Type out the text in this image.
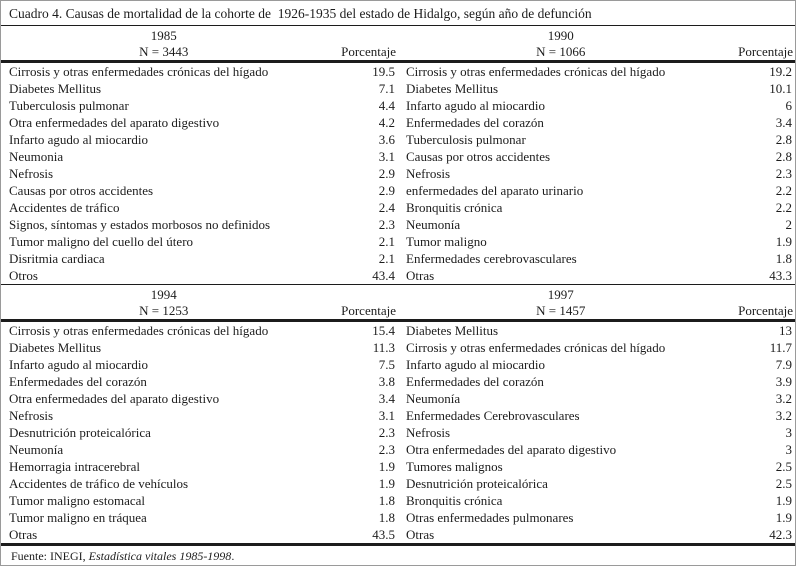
Cuadro 4. Causas de mortalidad de la cohorte de  1926-1935 del estado de Hidalgo, según año de defunción
1985	
N = 3443	Porcentaje
Cirrosis y otras enfermedades crónicas del hígado	19.5
Diabetes Mellitus	7.1
Tuberculosis pulmonar	4.4
Otra enfermedades del aparato digestivo	4.2
Infarto agudo al miocardio	3.6
Neumonia	3.1
Nefrosis	2.9
Causas por otros accidentes	2.9
Accidentes de tráfico	2.4
Signos, síntomas y estados morbosos no definidos	2.3
Tumor maligno del cuello del útero	2.1
Disritmia cardiaca	2.1
Otros	43.4
1990	
N = 1066	Porcentaje
Cirrosis y otras enfermedades crónicas del hígado	19.2
Diabetes Mellitus	10.1
Infarto agudo al miocardio	6
Enfermedades del corazón	3.4
Tuberculosis pulmonar	2.8
Causas por otros accidentes	2.8
Nefrosis	2.3
enfermedades del aparato urinario	2.2
Bronquitis crónica	2.2
Neumonía	2
Tumor maligno	1.9
Enfermedades cerebrovasculares	1.8
Otras	43.3
1994	
N = 1253	Porcentaje
Cirrosis y otras enfermedades crónicas del hígado	15.4
Diabetes Mellitus	11.3
Infarto agudo al miocardio	7.5
Enfermedades del corazón	3.8
Otra enfermedades del aparato digestivo	3.4
Nefrosis	3.1
Desnutrición proteicalórica	2.3
Neumonía	2.3
Hemorragia intracerebral	1.9
Accidentes de tráfico de vehículos	1.9
Tumor maligno estomacal	1.8
Tumor maligno en tráquea	1.8
Otras	43.5
1997	
N = 1457	Porcentaje
Diabetes Mellitus	13
Cirrosis y otras enfermedades crónicas del hígado	11.7
Infarto agudo al miocardio	7.9
Enfermedades del corazón	3.9
Neumonía	3.2
Enfermedades Cerebrovasculares	3.2
Nefrosis	3
Otra enfermedades del aparato digestivo	3
Tumores malignos	2.5
Desnutrición proteicalórica	2.5
Bronquitis crónica	1.9
Otras enfermedades pulmonares	1.9
Otras	42.3
Fuente: INEGI, Estadística vitales 1985-1998.
